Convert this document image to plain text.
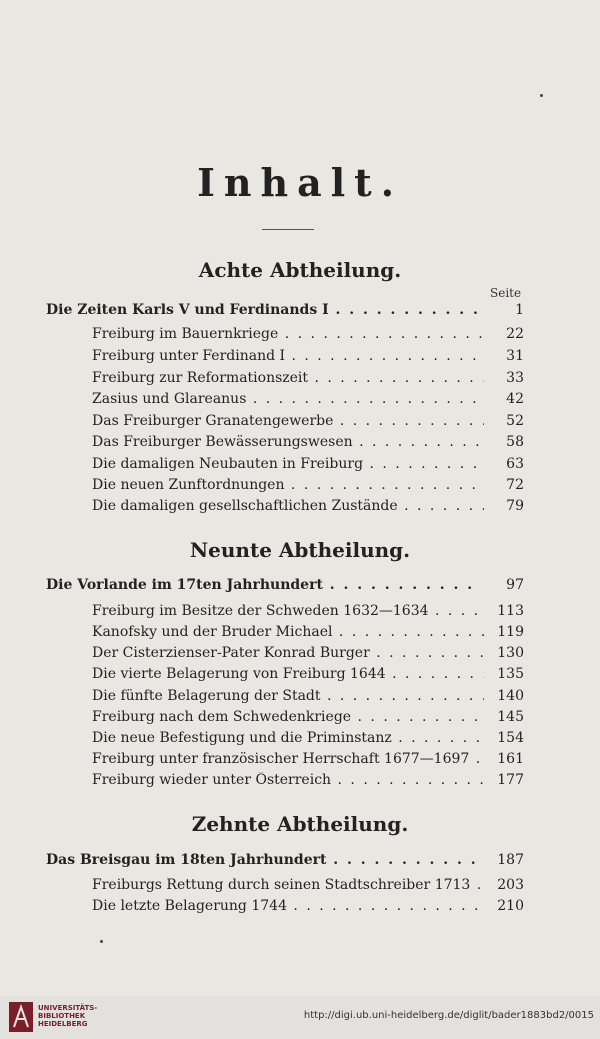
Inhalt.
Achte Abtheilung.
Seite
Die Zeiten Karls V und Ferdinands I . . .	1
Freiburg im Bauernkriege . . .	22
Freiburg unter Ferdinand I . . .	31
Freiburg zur Reformationszeit . . .	33
Zasius und Glareanus . . .	42
Das Freiburger Granatengewerbe . . .	52
Das Freiburger Bewässerungswesen . . .	58
Die damaligen Neubauten in Freiburg . . .	63
Die neuen Zunftordnungen . . .	72
Die damaligen gesellschaftlichen Zustände . . .	79
Neunte Abtheilung.
Die Vorlande im 17ten Jahrhundert . . .	97
Freiburg im Besitze der Schweden 1632—1634 . . .	113
Kanofsky und der Bruder Michael . . .	119
Der Cisterzienser-Pater Konrad Burger . . .	130
Die vierte Belagerung von Freiburg 1644 . . .	135
Die fünfte Belagerung der Stadt . . .	140
Freiburg nach dem Schwedenkriege . . .	145
Die neue Befestigung und die Priminstanz . . .	154
Freiburg unter französischer Herrschaft 1677—1697 . . .	161
Freiburg wieder unter Österreich . . .	177
Zehnte Abtheilung.
Das Breisgau im 18ten Jahrhundert . . .	187
Freiburgs Rettung durch seinen Stadtschreiber 1713 . . .	203
Die letzte Belagerung 1744 . . .	210
UNIVERSITÄTS-
BIBLIOTHEK
HEIDELBERG
http://digi.ub.uni-heidelberg.de/diglit/bader1883bd2/0015
